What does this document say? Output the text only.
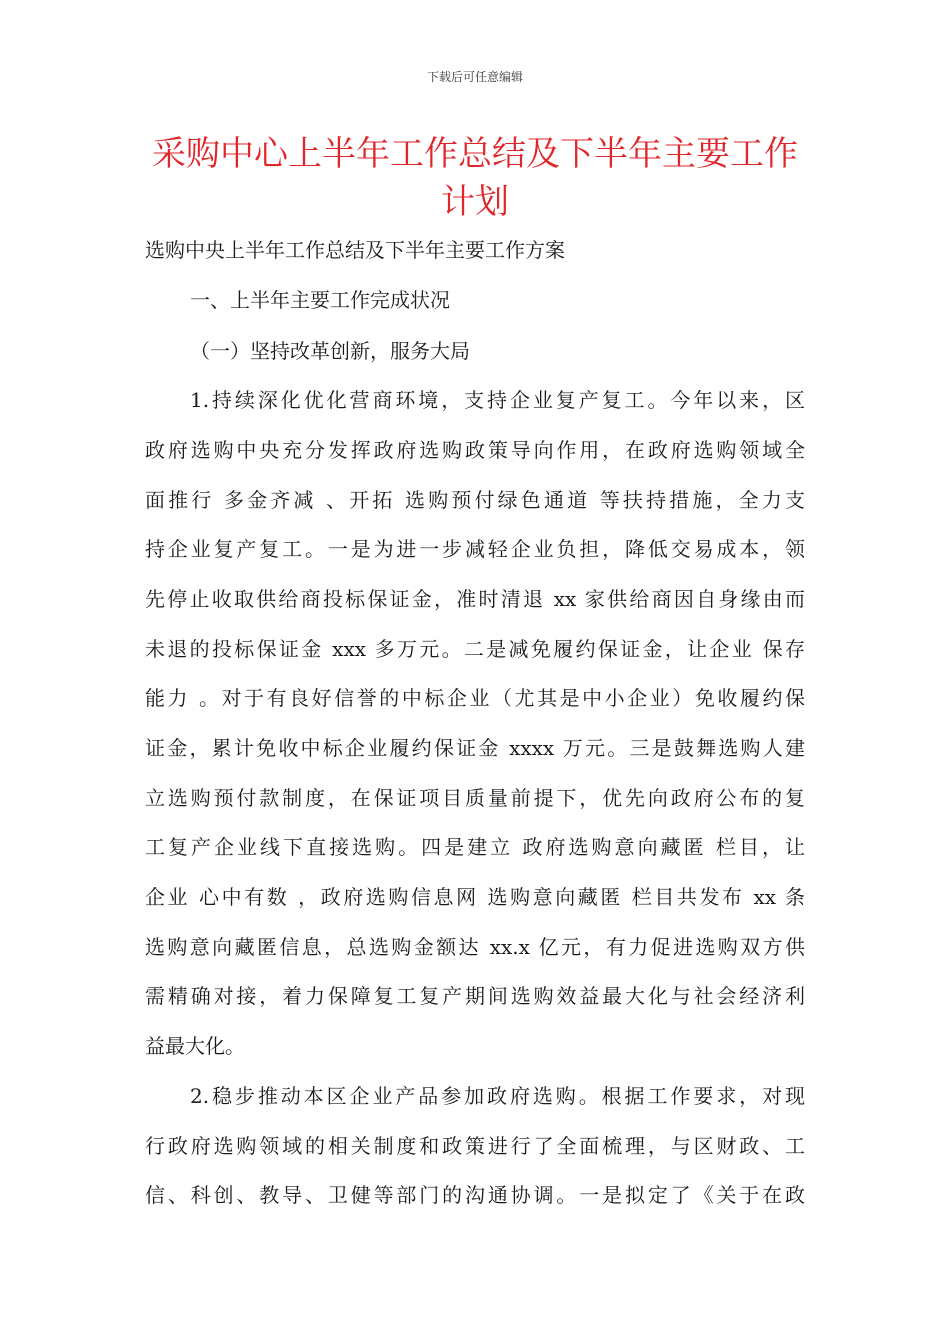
下载后可任意编辑
采购中心上半年工作总结及下半年主要工作计划
选购中央上半年工作总结及下半年主要工作方案
一、上半年主要工作完成状况
（一）坚持改革创新，服务大局
1.持续深化优化营商环境，支持企业复产复工。今年以来，区
政府选购中央充分发挥政府选购政策导向作用，在政府选购领域全
面推行 多金齐减 、开拓 选购预付绿色通道 等扶持措施，全力支
持企业复产复工。一是为进一步减轻企业负担，降低交易成本，领
先停止收取供给商投标保证金，准时清退 xx 家供给商因自身缘由而
未退的投标保证金 xxx 多万元。二是减免履约保证金，让企业 保存
能力 。对于有良好信誉的中标企业（尤其是中小企业）免收履约保
证金，累计免收中标企业履约保证金 xxxx 万元。三是鼓舞选购人建
立选购预付款制度，在保证项目质量前提下，优先向政府公布的复
工复产企业线下直接选购。四是建立 政府选购意向藏匿 栏目，让
企业 心中有数 ，政府选购信息网 选购意向藏匿 栏目共发布 xx 条
选购意向藏匿信息，总选购金额达 xx.x 亿元，有力促进选购双方供
需精确对接，着力保障复工复产期间选购效益最大化与社会经济利
益最大化。
2.稳步推动本区企业产品参加政府选购。根据工作要求，对现
行政府选购领域的相关制度和政策进行了全面梳理，与区财政、工
信、科创、教导、卫健等部门的沟通协调。一是拟定了《关于在政
